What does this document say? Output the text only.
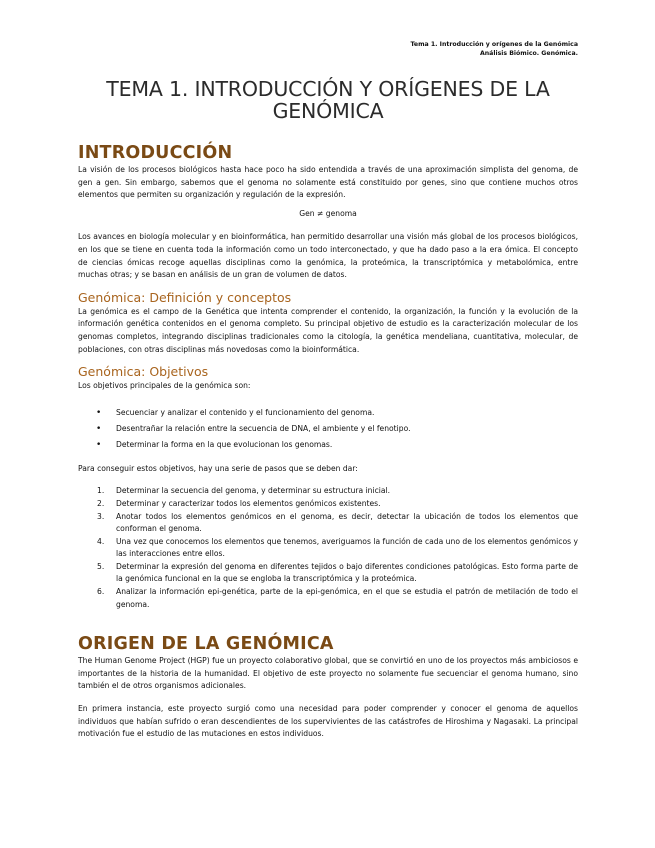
Tema 1. Introducción y orígenes de la Genómica
Análisis Biómico. Genómica.
TEMA 1. INTRODUCCIÓN Y ORÍGENES DE LA GENÓMICA
INTRODUCCIÓN

La visión de los procesos biológicos hasta hace poco ha sido entendida a través de una aproximación simplista del genoma, de gen a gen. Sin embargo, sabemos que el genoma no solamente está constituido por genes, sino que contiene muchos otros elementos que permiten su organización y regulación de la expresión.

Gen ≠ genoma

Los avances en biología molecular y en bioinformática, han permitido desarrollar una visión más global de los procesos biológicos, en los que se tiene en cuenta toda la información como un todo interconectado, y que ha dado paso a la era ómica. El concepto de ciencias ómicas recoge aquellas disciplinas como la genómica, la proteómica, la transcriptómica y metabolómica, entre muchas otras; y se basan en análisis de un gran de volumen de datos.

Genómica: Definición y conceptos

La genómica es el campo de la Genética que intenta comprender el contenido, la organización, la función y la evolución de la información genética contenidos en el genoma completo. Su principal objetivo de estudio es la caracterización molecular de los genomas completos, integrando disciplinas tradicionales como la citología, la genética mendeliana, cuantitativa, molecular, de poblaciones, con otras disciplinas más novedosas como la bioinformática.

Genómica: Objetivos

Los objetivos principales de la genómica son:

• Secuenciar y analizar el contenido y el funcionamiento del genoma.
• Desentrañar la relación entre la secuencia de DNA, el ambiente y el fenotipo.
• Determinar la forma en la que evolucionan los genomas.

Para conseguir estos objetivos, hay una serie de pasos que se deben dar:

1. Determinar la secuencia del genoma, y determinar su estructura inicial.
2. Determinar y caracterizar todos los elementos genómicos existentes.
3. Anotar todos los elementos genómicos en el genoma, es decir, detectar la ubicación de todos los elementos que conforman el genoma.
4. Una vez que conocemos los elementos que tenemos, averiguamos la función de cada uno de los elementos genómicos y las interacciones entre ellos.
5. Determinar la expresión del genoma en diferentes tejidos o bajo diferentes condiciones patológicas. Esto forma parte de la genómica funcional en la que se engloba la transcriptómica y la proteómica.
6. Analizar la información epi-genética, parte de la epi-genómica, en el que se estudia el patrón de metilación de todo el genoma.
ORIGEN DE LA GENÓMICA

The Human Genome Project (HGP) fue un proyecto colaborativo global, que se convirtió en uno de los proyectos más ambiciosos e importantes de la historia de la humanidad. El objetivo de este proyecto no solamente fue secuenciar el genoma humano, sino también el de otros organismos adicionales.

En primera instancia, este proyecto surgió como una necesidad para poder comprender y conocer el genoma de aquellos individuos que habían sufrido o eran descendientes de los supervivientes de las catástrofes de Hiroshima y Nagasaki. La principal motivación fue el estudio de las mutaciones en estos individuos.
